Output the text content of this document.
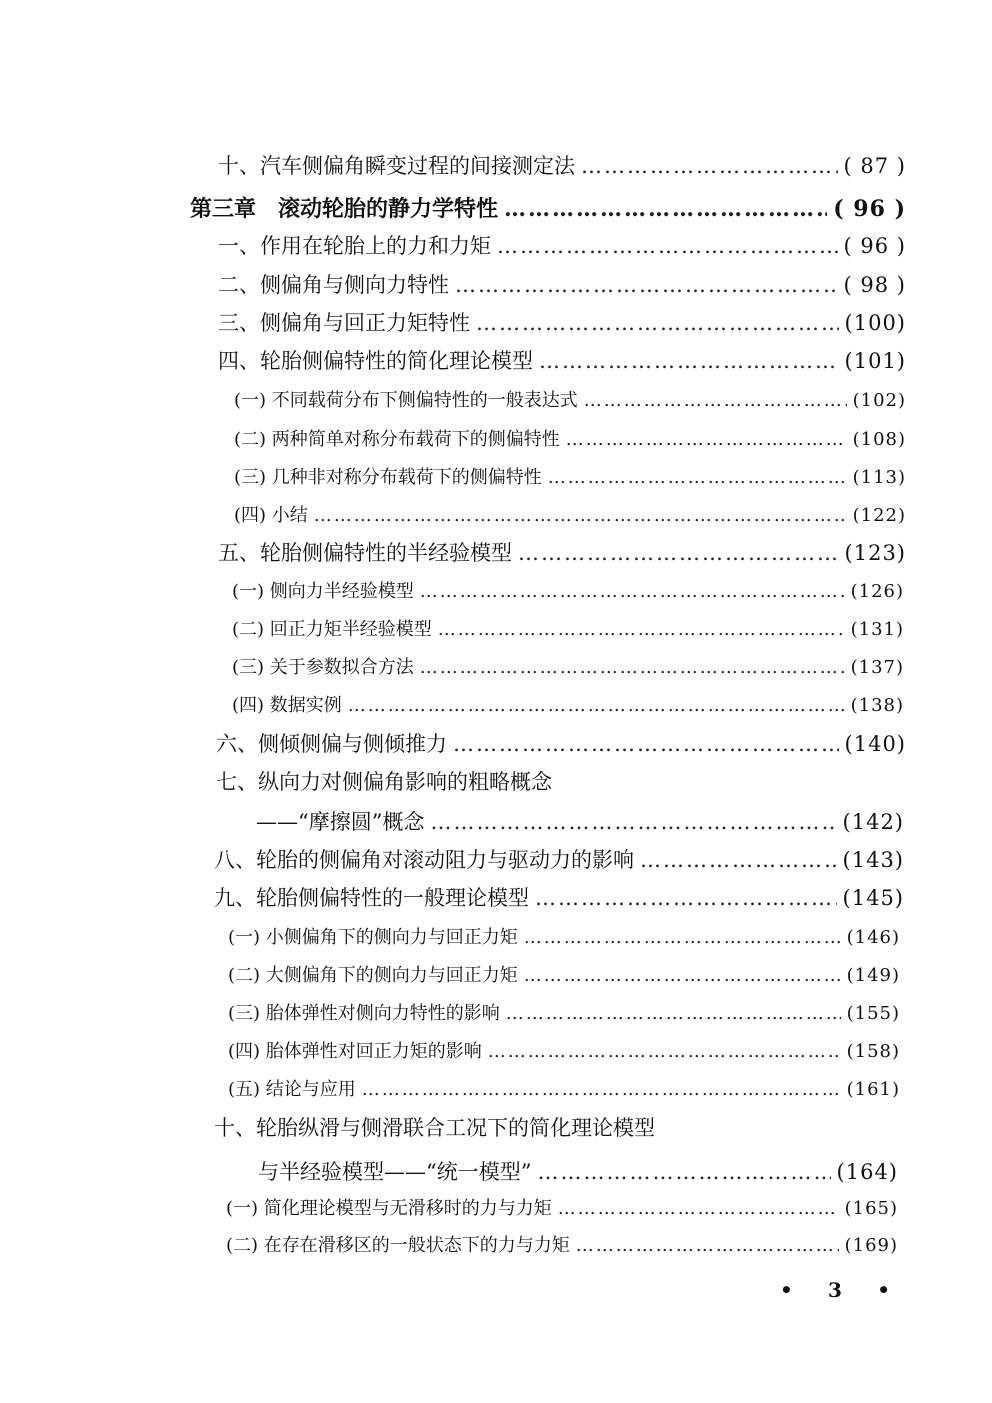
十、汽车侧偏角瞬变过程的间接测定法 ……………………………………………………………………………………………………………………………………………………………………	( 87 )
第三章　滚动轮胎的静力学特性 ……………………………………………………………………………………………………………………………………………………………………	( 96 )
一、作用在轮胎上的力和力矩 ……………………………………………………………………………………………………………………………………………………………………	( 96 )
二、侧偏角与侧向力特性 ……………………………………………………………………………………………………………………………………………………………………	( 98 )
三、侧偏角与回正力矩特性 ……………………………………………………………………………………………………………………………………………………………………	(100)
四、轮胎侧偏特性的简化理论模型 ……………………………………………………………………………………………………………………………………………………………………	(101)
(一) 不同载荷分布下侧偏特性的一般表达式 ……………………………………………………………………………………………………………………………………………………………………	(102)
(二) 两种简单对称分布载荷下的侧偏特性 ……………………………………………………………………………………………………………………………………………………………………	(108)
(三) 几种非对称分布载荷下的侧偏特性 ……………………………………………………………………………………………………………………………………………………………………	(113)
(四) 小结 ……………………………………………………………………………………………………………………………………………………………………	(122)
五、轮胎侧偏特性的半经验模型 ……………………………………………………………………………………………………………………………………………………………………	(123)
(一) 侧向力半经验模型 ……………………………………………………………………………………………………………………………………………………………………	(126)
(二) 回正力矩半经验模型 ……………………………………………………………………………………………………………………………………………………………………	(131)
(三) 关于参数拟合方法 ……………………………………………………………………………………………………………………………………………………………………	(137)
(四) 数据实例 ……………………………………………………………………………………………………………………………………………………………………	(138)
六、侧倾侧偏与侧倾推力 ……………………………………………………………………………………………………………………………………………………………………	(140)
七、纵向力对侧偏角影响的粗略概念
——“摩擦圆”概念 ……………………………………………………………………………………………………………………………………………………………………	(142)
八、轮胎的侧偏角对滚动阻力与驱动力的影响 ……………………………………………………………………………………………………………………………………………………………………	(143)
九、轮胎侧偏特性的一般理论模型 ……………………………………………………………………………………………………………………………………………………………………	(145)
(一) 小侧偏角下的侧向力与回正力矩 ……………………………………………………………………………………………………………………………………………………………………	(146)
(二) 大侧偏角下的侧向力与回正力矩 ……………………………………………………………………………………………………………………………………………………………………	(149)
(三) 胎体弹性对侧向力特性的影响 ……………………………………………………………………………………………………………………………………………………………………	(155)
(四) 胎体弹性对回正力矩的影响 ……………………………………………………………………………………………………………………………………………………………………	(158)
(五) 结论与应用 ……………………………………………………………………………………………………………………………………………………………………	(161)
十、轮胎纵滑与侧滑联合工况下的简化理论模型
与半经验模型——“统一模型” ……………………………………………………………………………………………………………………………………………………………………	(164)
(一) 简化理论模型与无滑移时的力与力矩 ……………………………………………………………………………………………………………………………………………………………………	(165)
(二) 在存在滑移区的一般状态下的力与力矩 ……………………………………………………………………………………………………………………………………………………………………	(169)
• 3 •
